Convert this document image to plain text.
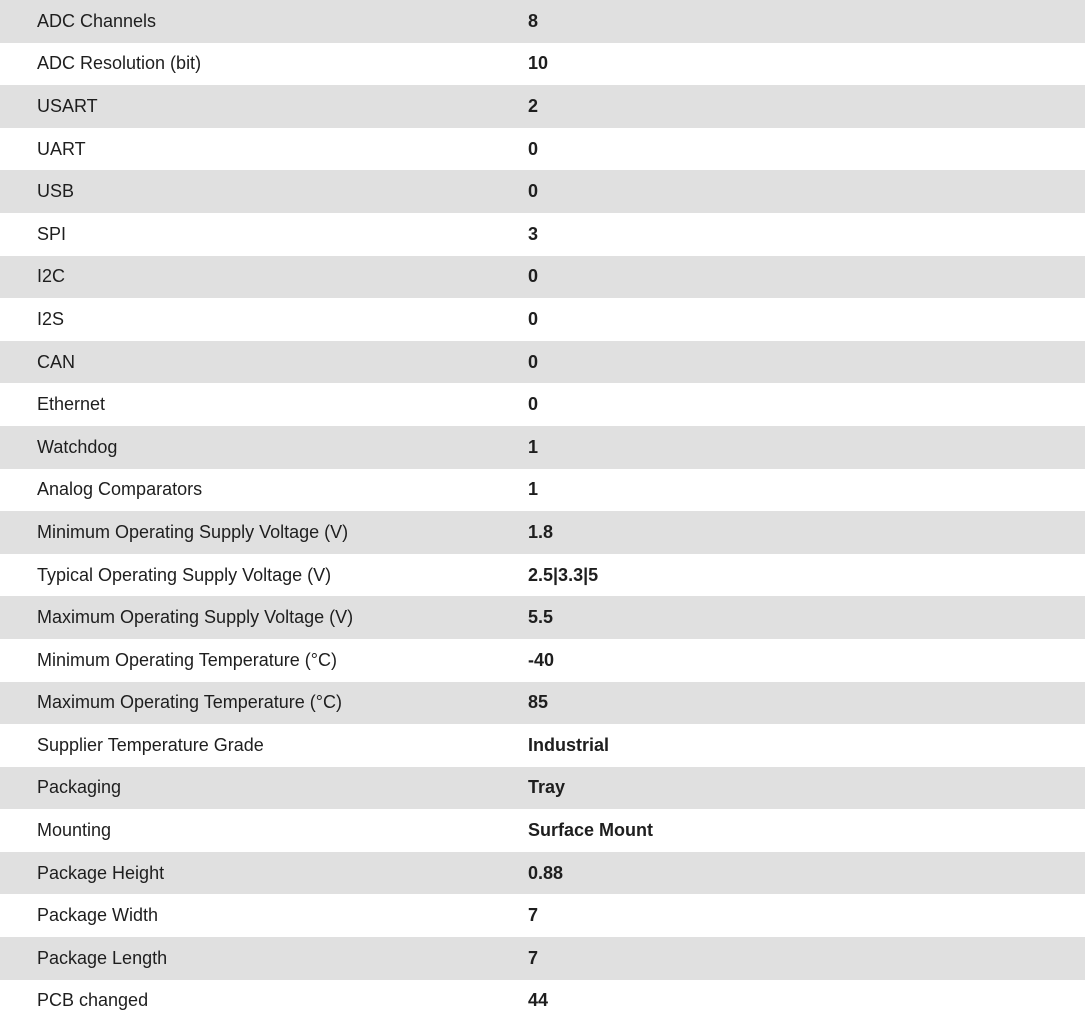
ADC Channels	8
ADC Resolution (bit)	10
USART	2
UART	0
USB	0
SPI	3
I2C	0
I2S	0
CAN	0
Ethernet	0
Watchdog	1
Analog Comparators	1
Minimum Operating Supply Voltage (V)	1.8
Typical Operating Supply Voltage (V)	2.5|3.3|5
Maximum Operating Supply Voltage (V)	5.5
Minimum Operating Temperature (°C)	-40
Maximum Operating Temperature (°C)	85
Supplier Temperature Grade	Industrial
Packaging	Tray
Mounting	Surface Mount
Package Height	0.88
Package Width	7
Package Length	7
PCB changed	44
